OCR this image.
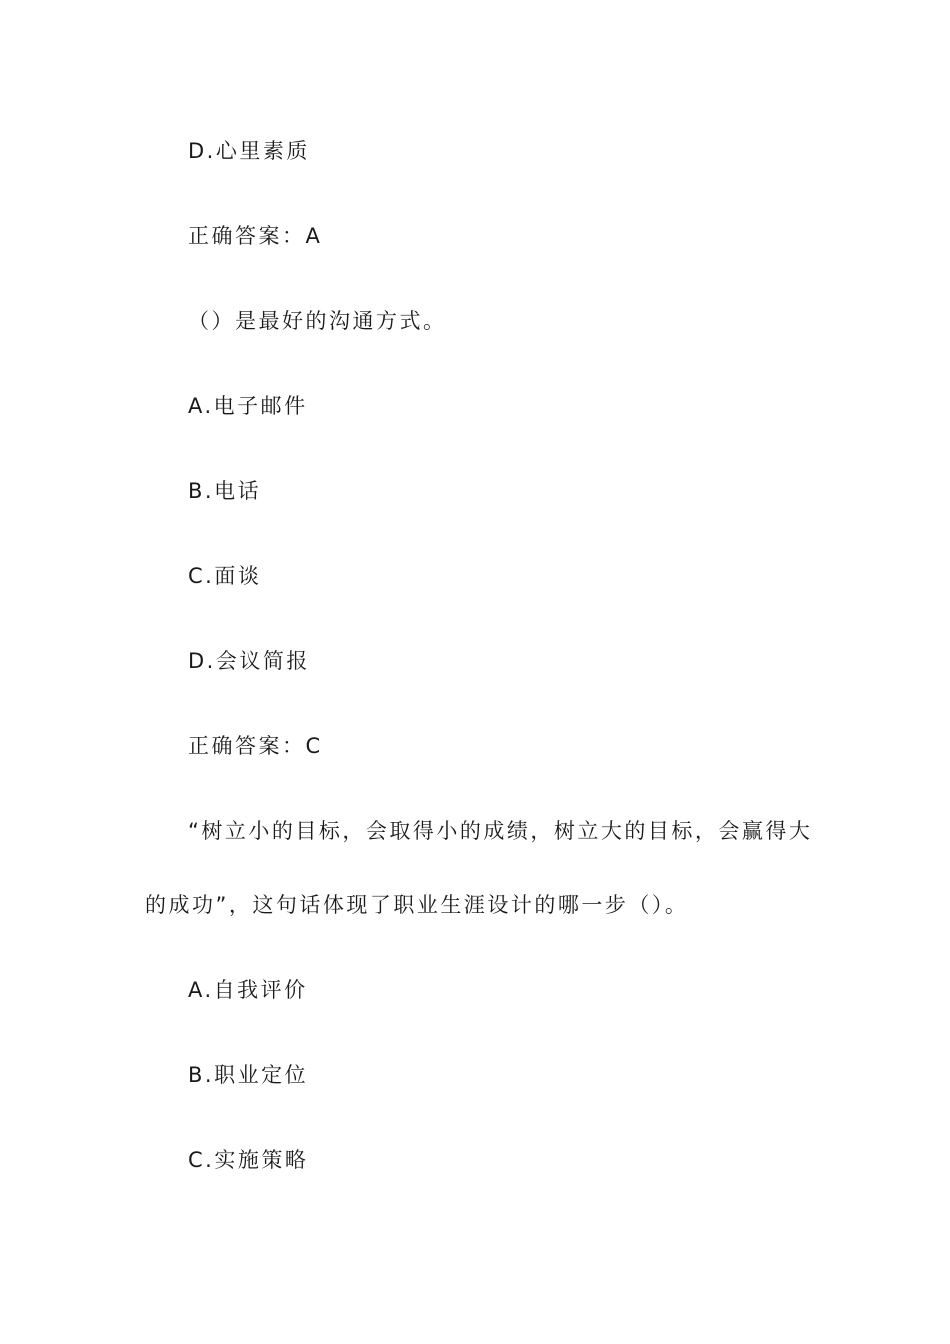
D.心里素质

正确答案：A

（）是最好的沟通方式。

A.电子邮件

B.电话

C.面谈

D.会议简报

正确答案：C

“树立小的目标，会取得小的成绩，树立大的目标，会赢得大

的成功”，这句话体现了职业生涯设计的哪一步（）。

A.自我评价

B.职业定位

C.实施策略
